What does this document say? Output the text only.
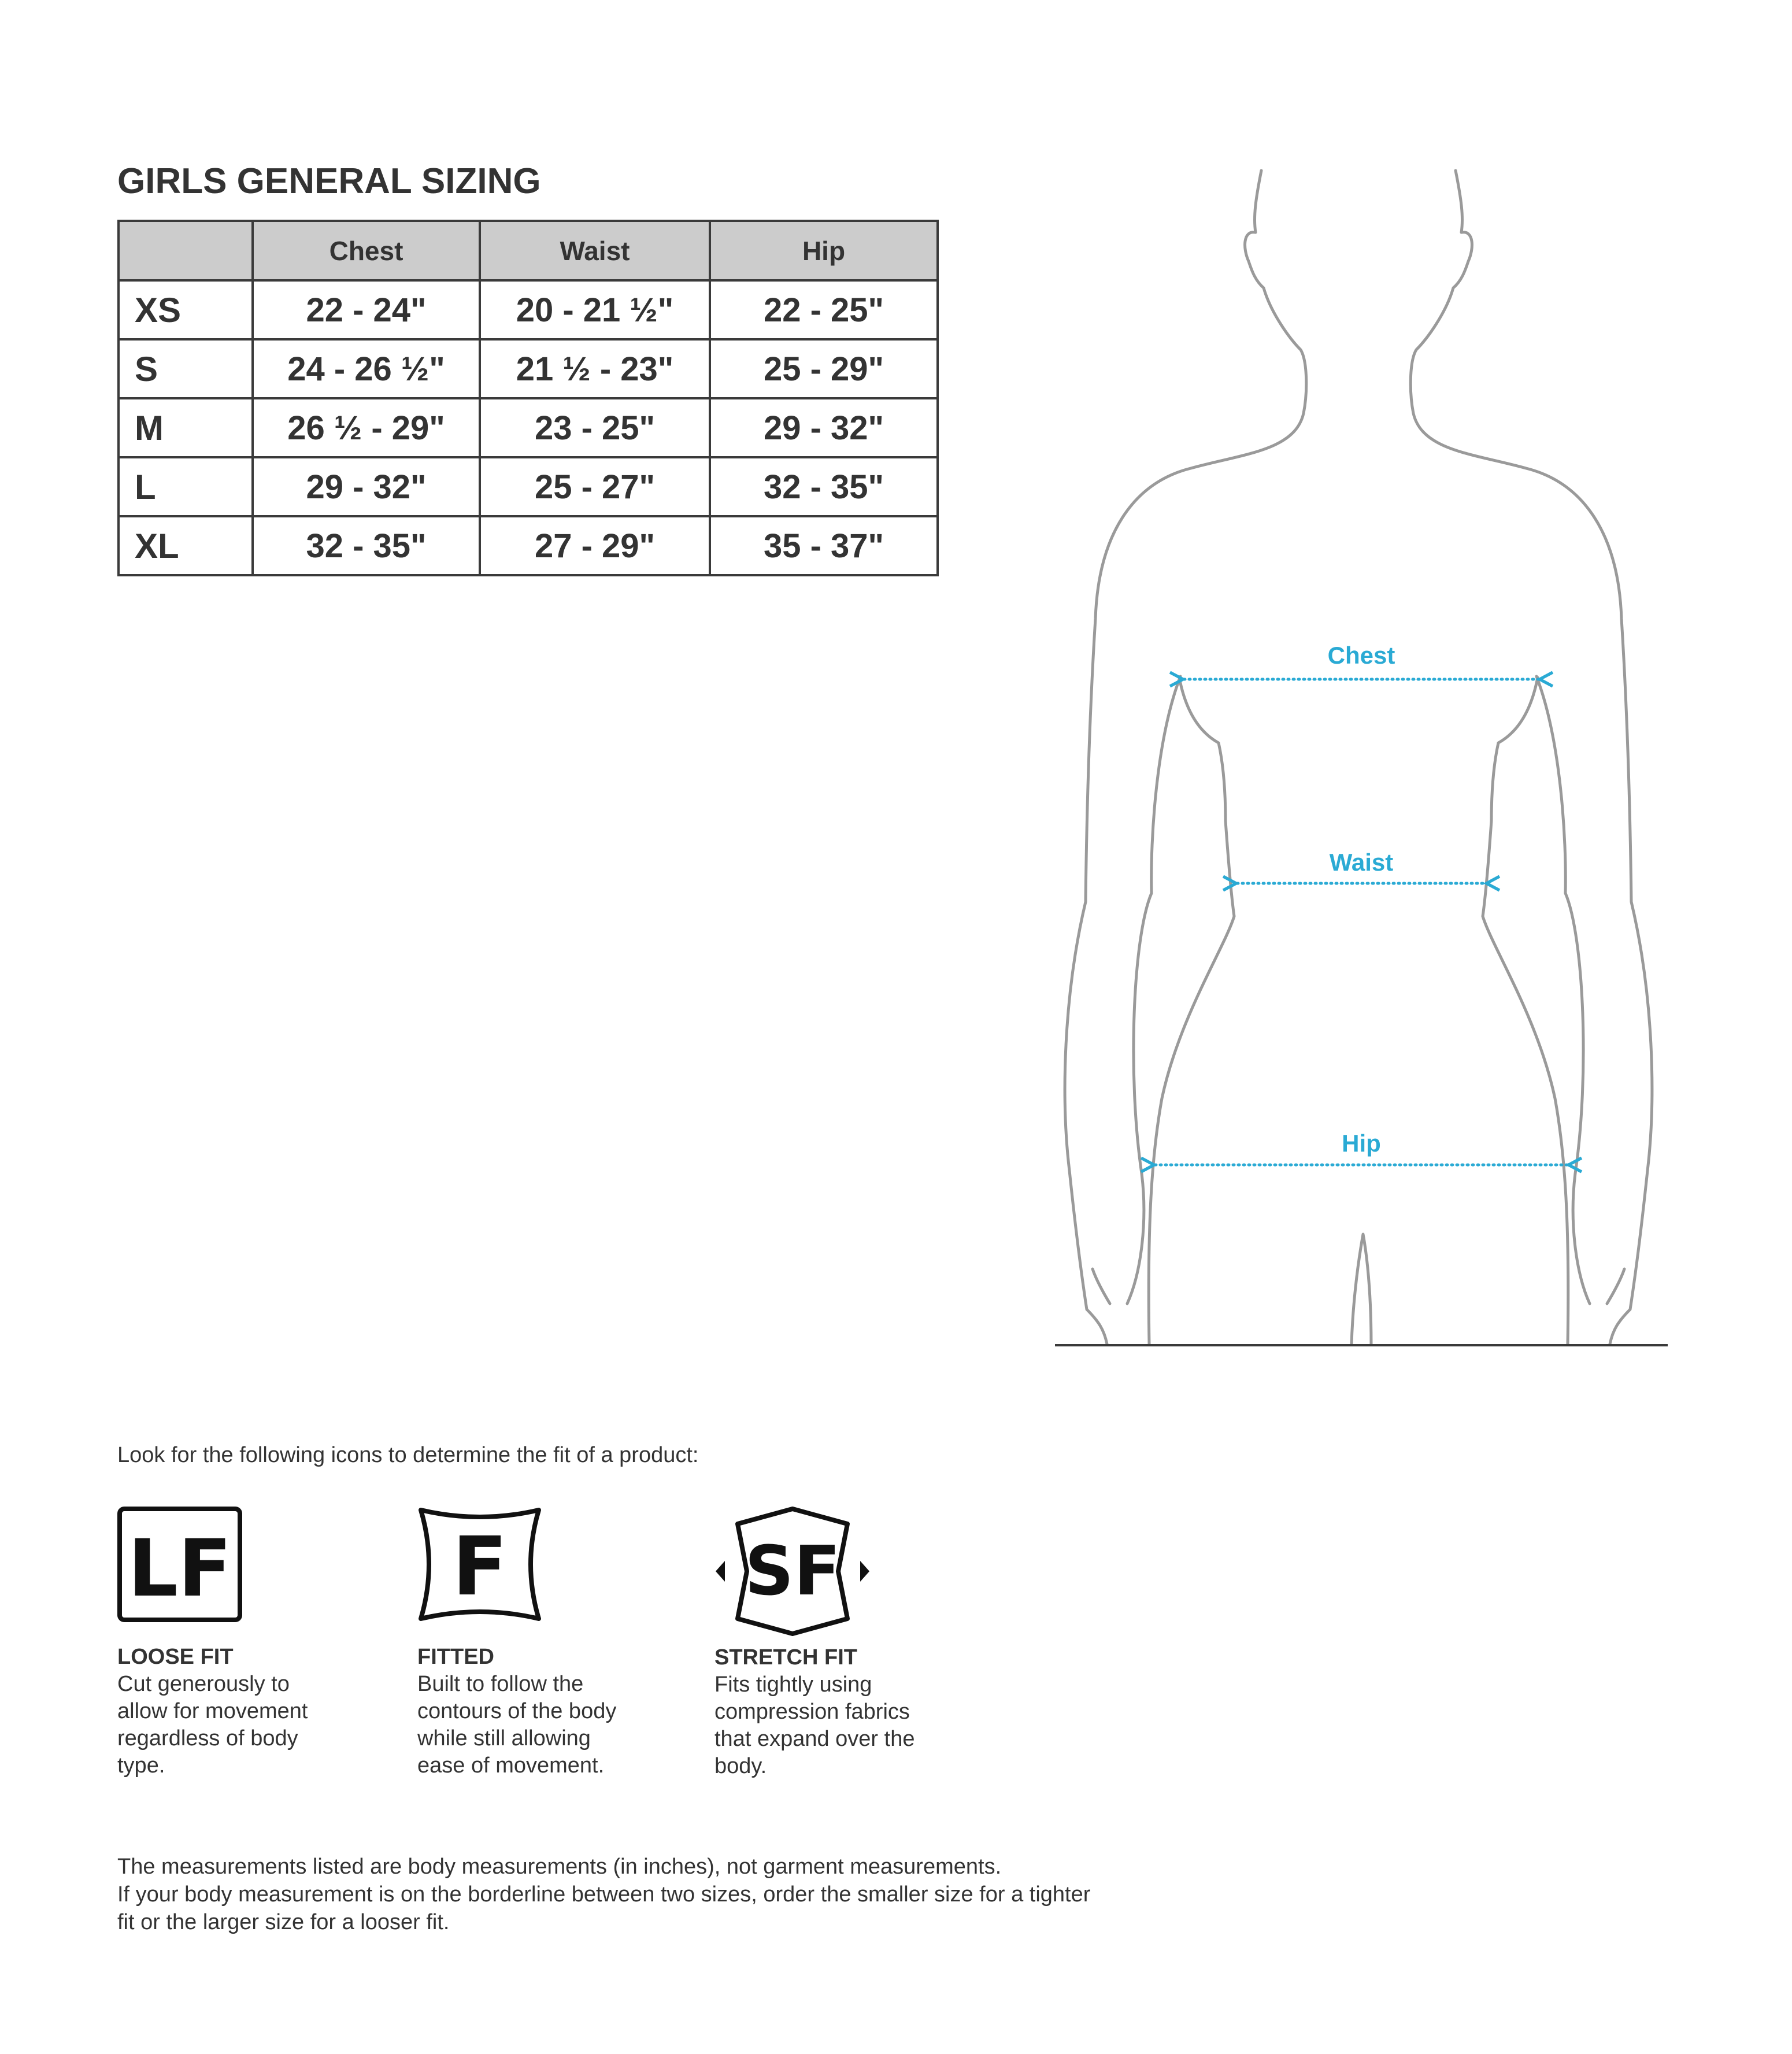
GIRLS GENERAL SIZING
	Chest	Waist	Hip
XS	22 - 24"	20 - 21 ½"	22 - 25"
S	24 - 26 ½"	21 ½ - 23"	25 - 29"
M	26 ½ - 29"	23 - 25"	29 - 32"
L	29 - 32"	25 - 27"	32 - 35"
XL	32 - 35"	27 - 29"	35 - 37"
Chest
Waist
Hip

Look for the following icons to determine the fit of a product:

LF
LOOSE FIT
Cut generously to allow for movement regardless of body type.
F
FITTED
Built to follow the contours of the body while still allowing ease of movement.
SF
STRETCH FIT
Fits tightly using compression fabrics that expand over the body.

The measurements listed are body measurements (in inches), not garment measurements.

If your body measurement is on the borderline between two sizes, order the smaller size for a tighter fit or the larger size for a looser fit.
